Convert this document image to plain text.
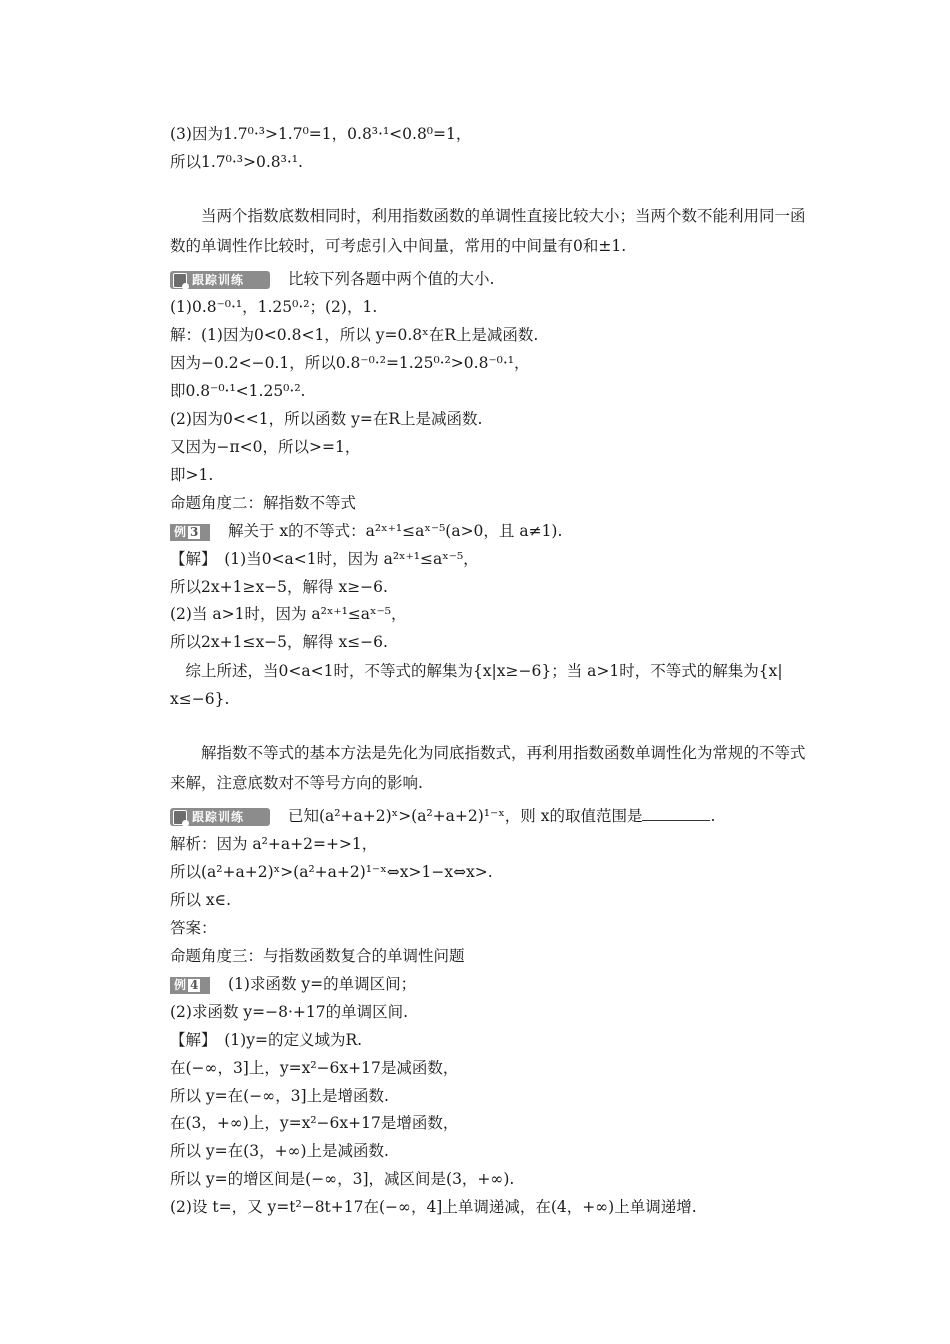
(3)因为1.7⁰·³>1.7⁰=1，0.8³·¹<0.8⁰=1，
所以1.7⁰·³>0.8³·¹.
当两个指数底数相同时，利用指数函数的单调性直接比较大小；当两个数不能利用同一函数的单调性作比较时，可考虑引入中间量，常用的中间量有0和±1.
跟踪训练	比较下列各题中两个值的大小.
(1)0.8⁻⁰·¹，1.25⁰·²；(2)，1.
解：(1)因为0<0.8<1，所以 y=0.8ˣ在R上是减函数.
因为−0.2<−0.1，所以0.8⁻⁰·²=1.25⁰·²>0.8⁻⁰·¹，
即0.8⁻⁰·¹<1.25⁰·².
(2)因为0<<1，所以函数 y=在R上是减函数.
又因为−π<0，所以>=1，
即>1.
命题角度二：解指数不等式
例 3 解关于 x的不等式：a²ˣ⁺¹≤aˣ⁻⁵(a>0，且 a≠1).
【解】　(1)当0<a<1时，因为 a²ˣ⁺¹≤aˣ⁻⁵，
所以2x+1≥x−5，解得 x≥−6.
(2)当 a>1时，因为 a²ˣ⁺¹≤aˣ⁻⁵，
所以2x+1≤x−5，解得 x≤−6.
　综上所述，当0<a<1时，不等式的解集为{x|x≥−6}；当 a>1时，不等式的解集为{x|
x≤−6}.
解指数不等式的基本方法是先化为同底指数式，再利用指数函数单调性化为常规的不等式来解，注意底数对不等号方向的影响.
跟踪训练	已知(a²+a+2)ˣ>(a²+a+2)¹⁻ˣ，则 x的取值范围是	.
解析：因为 a²+a+2=+>1，
所以(a²+a+2)ˣ>(a²+a+2)¹⁻ˣ⇔x>1−x⇔x>.
所以 x∈.
答案：
命题角度三：与指数函数复合的单调性问题
例 4 (1)求函数 y=的单调区间；
(2)求函数 y=−8·+17的单调区间.
【解】　(1)y=的定义域为R.
在(−∞，3]上，y=x²−6x+17是减函数，
所以 y=在(−∞，3]上是增函数.
在(3，+∞)上，y=x²−6x+17是增函数，
所以 y=在(3，+∞)上是减函数.
所以 y=的增区间是(−∞，3]，减区间是(3，+∞).
(2)设 t=，又 y=t²−8t+17在(−∞，4]上单调递减，在(4，+∞)上单调递增.
